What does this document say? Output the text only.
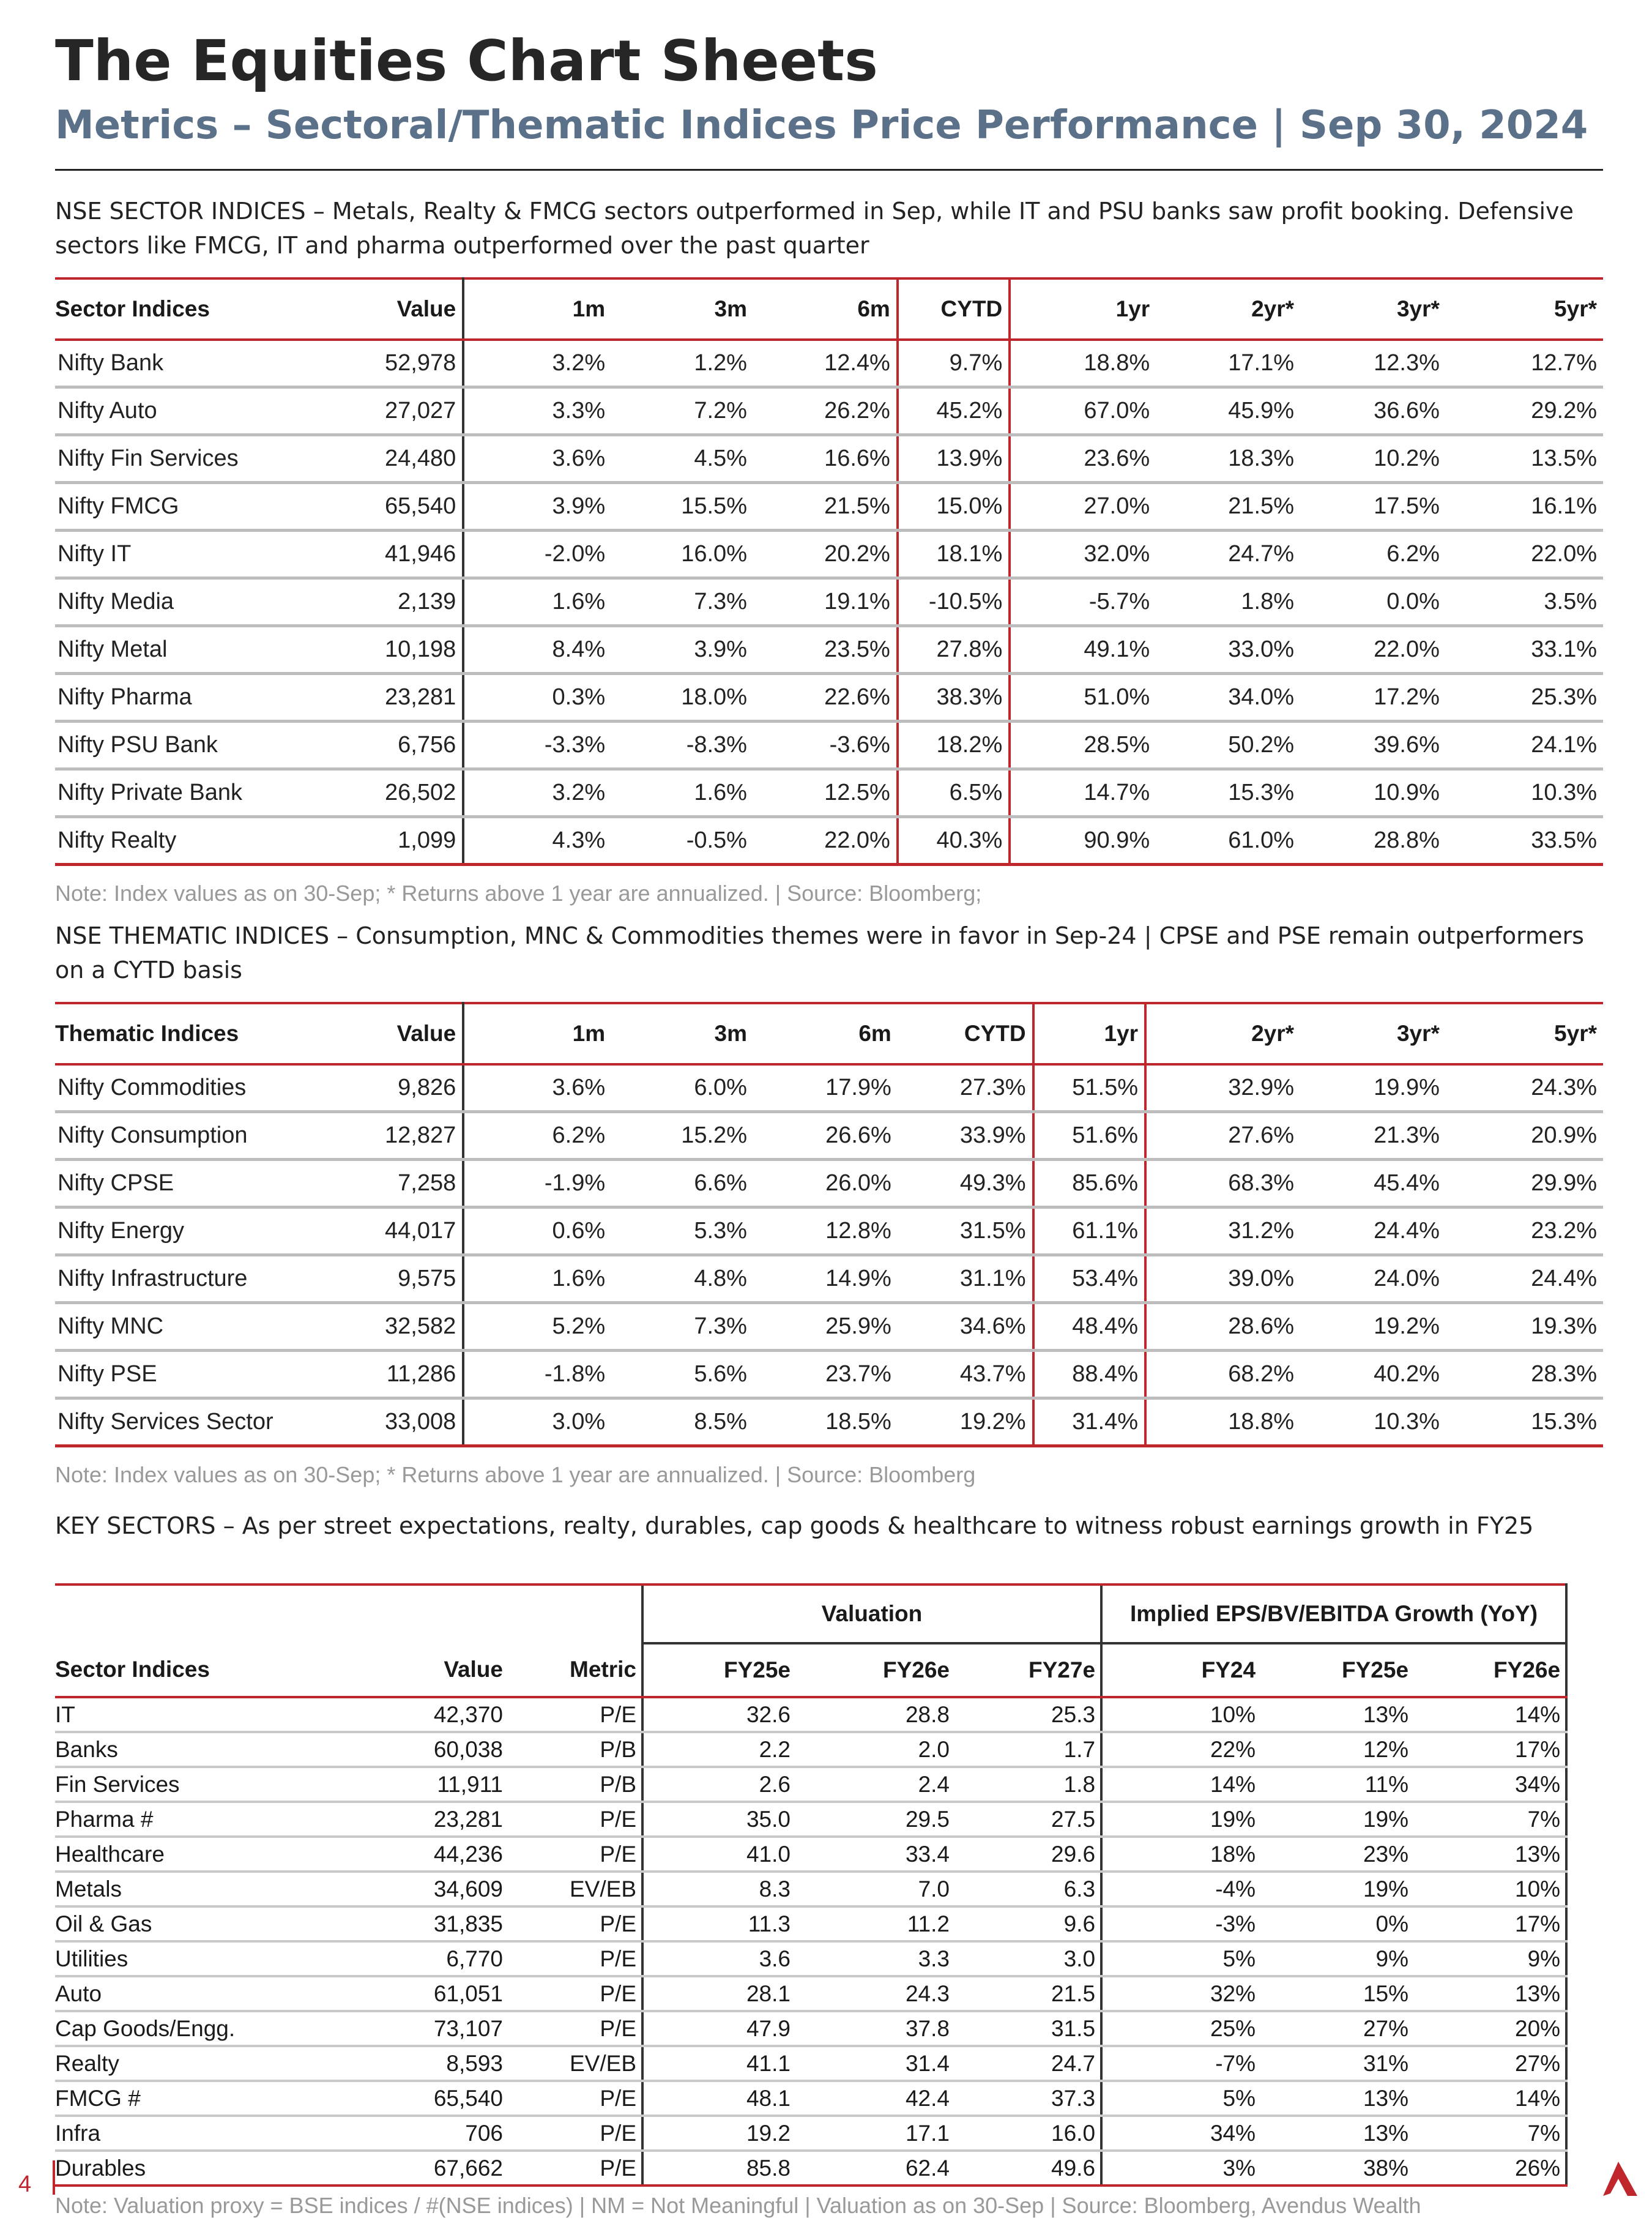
The Equities Chart Sheets
Metrics – Sectoral/Thematic Indices Price Performance | Sep 30, 2024

NSE SECTOR INDICES – Metals, Realty & FMCG sectors outperformed in Sep, while IT and PSU banks saw profit booking. Defensive sectors like FMCG, IT and pharma outperformed over the past quarter

Sector Indices	Value	1m	3m	6m	CYTD	1yr	2yr*	3yr*	5yr*
Nifty Bank	52,978	3.2%	1.2%	12.4%	9.7%	18.8%	17.1%	12.3%	12.7%
Nifty Auto	27,027	3.3%	7.2%	26.2%	45.2%	67.0%	45.9%	36.6%	29.2%
Nifty Fin Services	24,480	3.6%	4.5%	16.6%	13.9%	23.6%	18.3%	10.2%	13.5%
Nifty FMCG	65,540	3.9%	15.5%	21.5%	15.0%	27.0%	21.5%	17.5%	16.1%
Nifty IT	41,946	-2.0%	16.0%	20.2%	18.1%	32.0%	24.7%	6.2%	22.0%
Nifty Media	2,139	1.6%	7.3%	19.1%	-10.5%	-5.7%	1.8%	0.0%	3.5%
Nifty Metal	10,198	8.4%	3.9%	23.5%	27.8%	49.1%	33.0%	22.0%	33.1%
Nifty Pharma	23,281	0.3%	18.0%	22.6%	38.3%	51.0%	34.0%	17.2%	25.3%
Nifty PSU Bank	6,756	-3.3%	-8.3%	-3.6%	18.2%	28.5%	50.2%	39.6%	24.1%
Nifty Private Bank	26,502	3.2%	1.6%	12.5%	6.5%	14.7%	15.3%	10.9%	10.3%
Nifty Realty	1,099	4.3%	-0.5%	22.0%	40.3%	90.9%	61.0%	28.8%	33.5%

Note: Index values as on 30-Sep; * Returns above 1 year are annualized. | Source: Bloomberg;

NSE THEMATIC INDICES – Consumption, MNC & Commodities themes were in favor in Sep-24 | CPSE and PSE remain outperformers on a CYTD basis

Thematic Indices	Value	1m	3m	6m	CYTD	1yr	2yr*	3yr*	5yr*
Nifty Commodities	9,826	3.6%	6.0%	17.9%	27.3%	51.5%	32.9%	19.9%	24.3%
Nifty Consumption	12,827	6.2%	15.2%	26.6%	33.9%	51.6%	27.6%	21.3%	20.9%
Nifty CPSE	7,258	-1.9%	6.6%	26.0%	49.3%	85.6%	68.3%	45.4%	29.9%
Nifty Energy	44,017	0.6%	5.3%	12.8%	31.5%	61.1%	31.2%	24.4%	23.2%
Nifty Infrastructure	9,575	1.6%	4.8%	14.9%	31.1%	53.4%	39.0%	24.0%	24.4%
Nifty MNC	32,582	5.2%	7.3%	25.9%	34.6%	48.4%	28.6%	19.2%	19.3%
Nifty PSE	11,286	-1.8%	5.6%	23.7%	43.7%	88.4%	68.2%	40.2%	28.3%
Nifty Services Sector	33,008	3.0%	8.5%	18.5%	19.2%	31.4%	18.8%	10.3%	15.3%

Note: Index values as on 30-Sep; * Returns above 1 year are annualized. | Source: Bloomberg

KEY SECTORS – As per street expectations, realty, durables, cap goods & healthcare to witness robust earnings growth in FY25

			Valuation			Implied EPS/BV/EBITDA Growth (YoY)		
Sector Indices	Value	Metric	FY25e	FY26e	FY27e	FY24	FY25e	FY26e
IT	42,370	P/E	32.6	28.8	25.3	10%	13%	14%
Banks	60,038	P/B	2.2	2.0	1.7	22%	12%	17%
Fin Services	11,911	P/B	2.6	2.4	1.8	14%	11%	34%
Pharma #	23,281	P/E	35.0	29.5	27.5	19%	19%	7%
Healthcare	44,236	P/E	41.0	33.4	29.6	18%	23%	13%
Metals	34,609	EV/EB	8.3	7.0	6.3	-4%	19%	10%
Oil & Gas	31,835	P/E	11.3	11.2	9.6	-3%	0%	17%
Utilities	6,770	P/E	3.6	3.3	3.0	5%	9%	9%
Auto	61,051	P/E	28.1	24.3	21.5	32%	15%	13%
Cap Goods/Engg.	73,107	P/E	47.9	37.8	31.5	25%	27%	20%
Realty	8,593	EV/EB	41.1	31.4	24.7	-7%	31%	27%
FMCG #	65,540	P/E	48.1	42.4	37.3	5%	13%	14%
Infra	706	P/E	19.2	17.1	16.0	34%	13%	7%
Durables	67,662	P/E	85.8	62.4	49.6	3%	38%	26%

Note: Valuation proxy = BSE indices / #(NSE indices) | NM = Not Meaningful | Valuation as on 30-Sep | Source: Bloomberg, Avendus Wealth

4
